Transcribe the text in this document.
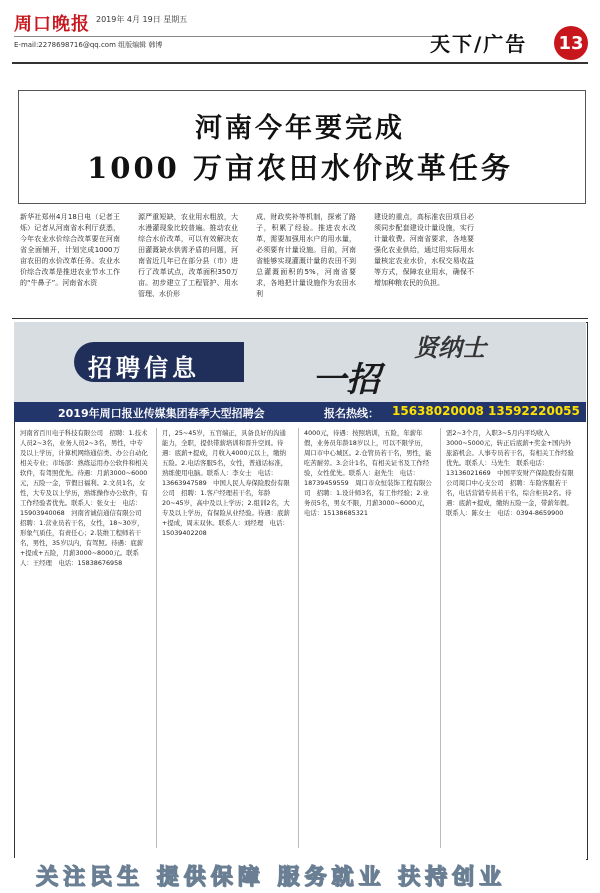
周口晚报 2019年 4月 19日 星期五
E-mail:2278698716@qq.com 组版编辑 韩博	天下/广告 13
河南今年要完成
1000 万亩农田水价改革任务
新华社郑州4月18日电（记者王烁）记者从河南省水利厅获悉，今年农业水价综合改革要在河南省全面铺开，计划完成1000万亩农田的水价改革任务。农业水价综合改革是推进农业节水工作的“牛鼻子”。河南省水资
源严重短缺，农业用水粗放，大水漫灌现象比较普遍。推动农业综合水价改革，可以有效解决农田灌溉缺水供需矛盾的问题，河南省近几年已在部分县（市）进行了改革试点，改革面积350万亩。初步建立了工程管护、用水管理、水价形
成、财政奖补等机制，探索了路子，积累了经验。推进农水改革，需要加强用水户的用水量，必须要有计量设施。目前，河南省能够实现灌溉计量的农田不到总灌溉面积的5%，河南省要求，各地把计量设施作为农田水利
建设的重点，高标准农田项目必须同步配套建设计量设施，实行计量收费。河南省要求，各地要强化农业供给，通过用实际用水量核定农业水价，水权交易收益等方式，保障农业用水，确保不增加种粮农民的负担。
招聘信息	一招
贤纳士
2019年周口报业传媒集团春季大型招聘会	报名热线： 15638020008 13592220055
河南省百川电子科技有限公司　招聘：1.技术人员2~3名，业务人员2~3名，男性，中专及以上学历，计算机网络通信类、办公自动化相关专业；市场部：熟练运用办公软件和相关软件，有驾照优先。待遇：月薪3000~6000元，五险一金，节假日福利。2.文员1名，女性，大专及以上学历，熟练操作办公软件，有工作经验者优先。联系人：张女士　电话：15903940068　河南省诚信通信有限公司　招聘：1.营业员若干名，女性，18~30岁，形象气质佳，有责任心；2.装维工程师若干名，男性，35岁以内，有驾照。待遇：底薪+提成+五险，月薪3000~8000元。联系人：王经理　电话：15838676958
月，25~45岁，五官端正，具备良好的沟通能力，全职，提供带薪培训和晋升空间。待遇：底薪+提成，月收入4000元以上，缴纳五险。2.电话客服5名，女性，普通话标准，熟练使用电脑。联系人：李女士　电话：13663947589　中国人民人寿保险股份有限公司　招聘：1.客户经理若干名，年龄20~45岁，高中及以上学历；2.组训2名，大专及以上学历，有保险从业经验。待遇：底薪+提成，周末双休。联系人：刘经理　电话：15039402208
4000元，待遇：按照培训，五险，年薪年假，业务员年龄18岁以上，可以不限学历，周口市中心城区。2.仓管员若干名，男性，能吃苦耐劳。3.会计1名，有相关证书及工作经验，女性优先。联系人：赵先生　电话：18739459559　周口市众恒装饰工程有限公司　招聘：1.设计师3名，有工作经验；2.业务员5名，男女不限，月薪3000~6000元，电话：15138685321
需2~3个月，入职3~5月内平均收入3000~5000元，转正后底薪+奖金+国内外旅游机会。人事专员若干名，有相关工作经验优先。联系人：马先生　联系电话：13136021669　中国平安财产保险股份有限公司周口中心支公司　招聘：车险客服若干名，电话营销专员若干名，综合柜员2名。待遇：底薪+提成，缴纳五险一金，带薪年假。联系人：陈女士　电话：0394-8659900
关注民生 提供保障 服务就业 扶持创业
